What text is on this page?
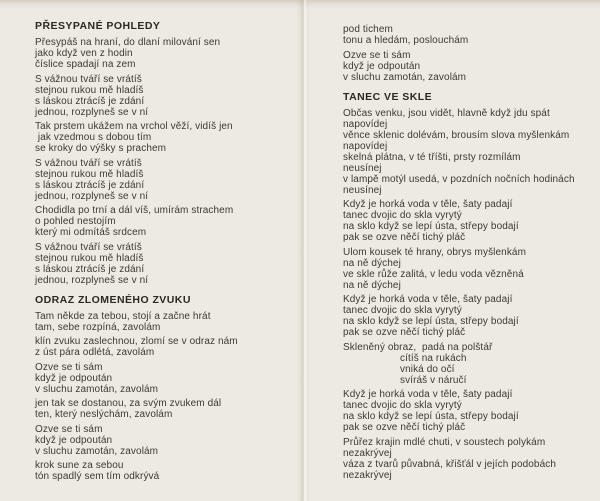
PŘESYPANÉ POHLEDY
Přesypáš na hraní, do dlaní milování sen
jako když ven z hodin
číslice spadají na zem
S vážnou tváří se vrátíš
stejnou rukou mě hladíš
s láskou ztrácíš je zdání
jednou, rozplyneš se v ní
Tak prstem ukážem na vrchol věží, vidíš jen
jak vzedmou s dobou tím
se kroky do výšky s prachem
S vážnou tváří se vrátíš
stejnou rukou mě hladíš
s láskou ztrácíš je zdání
jednou, rozplyneš se v ní
Chodidla po trní a dál víš, umírám strachem
o pohled nestojím
který mi odmítáš srdcem
S vážnou tváří se vrátíš
stejnou rukou mě hladíš
s láskou ztrácíš je zdání
jednou, rozplyneš se v ní
ODRAZ ZLOMENÉHO ZVUKU
Tam někde za tebou, stojí a začne hrát
tam, sebe rozpíná, zavolám
klín zvuku zaslechnou, zlomí se v odraz nám
z úst pára odlétá, zavolám
Ozve se ti sám
když je odpoután
v sluchu zamotán, zavolám
jen tak se dostanou, za svým zvukem dál
ten, který neslýchám, zavolám
Ozve se ti sám
když je odpoután
v sluchu zamotán, zavolám
krok sune za sebou
tón spadlý sem tím odkrývá
pod tichem
tonu a hledám, poslouchám
Ozve se ti sám
když je odpoután
v sluchu zamotán, zavolám
TANEC VE SKLE
Občas venku, jsou vidět, hlavně když jdu spát
napovídej
věnce sklenic dolévám, brousím slova myšlenkám
napovídej
skelná plátna, v té tříšti, prsty rozmílám
neusínej
v lampě motýl usedá, v pozdních nočních hodinách
neusínej
Když je horká voda v těle, šaty padají
tanec dvojic do skla vyrytý
na sklo když se lepí ústa, střepy bodají
pak se ozve něčí tichý pláč
Ulom kousek té hrany, obrys myšlenkám
na ně dýchej
ve skle růže zalitá, v ledu voda vězněná
na ně dýchej
Když je horká voda v těle, šaty padají
tanec dvojic do skla vyrytý
na sklo když se lepí ústa, střepy bodají
pak se ozve něčí tichý pláč
Skleněný obraz,  padá na polštář
cítíš na rukách
vniká do očí
svíráš v náručí
Když je horká voda v těle, šaty padají
tanec dvojic do skla vyrytý
na sklo když se lepí ústa, střepy bodají
pak se ozve něčí tichý pláč
Průřez krajin mdlé chuti, v soustech polykám
nezakrývej
váza z tvarů půvabná, křišťál v jejích podobách
nezakrývej
